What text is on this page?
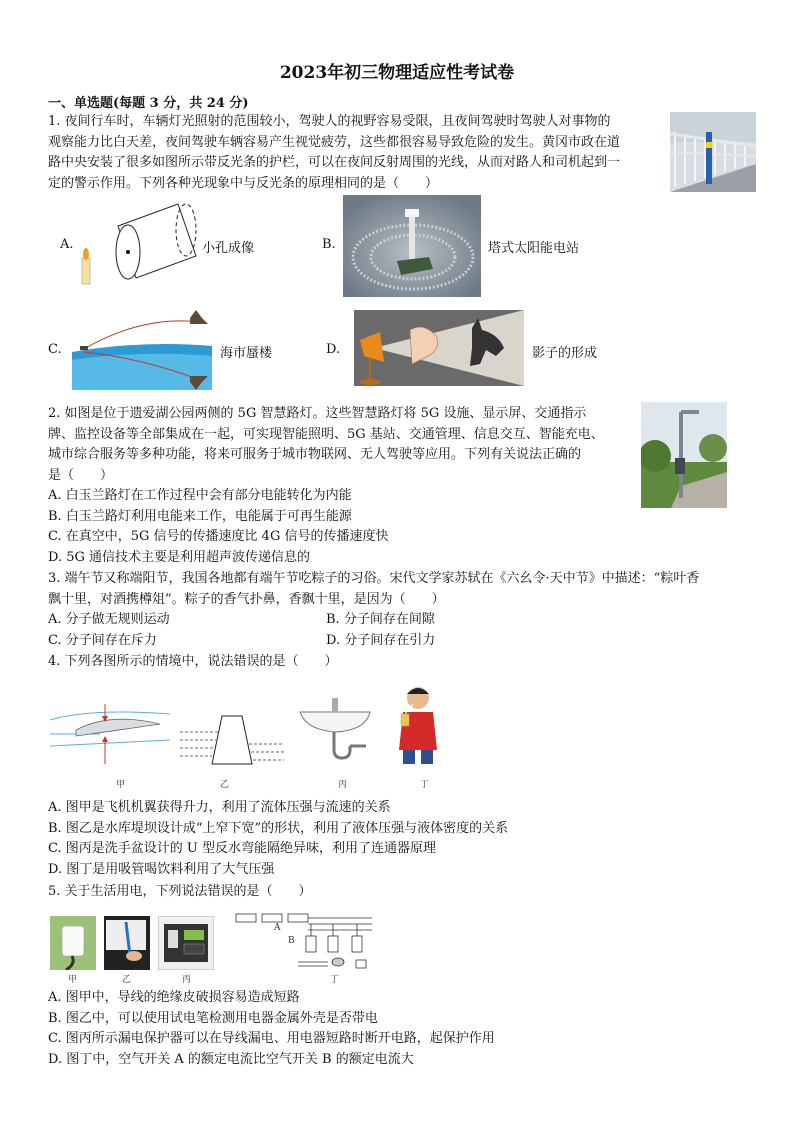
2023年初三物理适应性考试卷
一、单选题(每题 3 分，共 24 分)
1. 夜间行车时，车辆灯光照射的范围较小，驾驶人的视野容易受限，且夜间驾驶时驾驶人对事物的
观察能力比白天差，夜间驾驶车辆容易产生视觉疲劳，这些都很容易导致危险的发生。黄冈市政在道
路中央安装了很多如图所示带反光条的护栏，可以在夜间反射周围的光线，从而对路人和司机起到一
定的警示作用。下列各种光现象中与反光条的原理相同的是（　　）
A.	小孔成像	B.	塔式太阳能电站
C.	海市蜃楼	D.	影子的形成
2. 如图是位于遗爱湖公园两侧的 5G 智慧路灯。这些智慧路灯将 5G 设施、显示屏、交通指示
牌、监控设备等全部集成在一起，可实现智能照明、5G 基站、交通管理、信息交互、智能充电、
城市综合服务等多种功能，将来可服务于城市物联网、无人驾驶等应用。下列有关说法正确的
是（　　）
A. 白玉兰路灯在工作过程中会有部分电能转化为内能
B. 白玉兰路灯利用电能来工作，电能属于可再生能源
C. 在真空中，5G 信号的传播速度比 4G 信号的传播速度快
D. 5G 通信技术主要是利用超声波传递信息的
3. 端午节又称端阳节，我国各地都有端午节吃粽子的习俗。宋代文学家苏轼在《六幺令·天中节》中描述：“粽叶香
飘十里，对酒携樽俎”。粽子的香气扑鼻，香飘十里，是因为（　　）
A. 分子做无规则运动	B. 分子间存在间隙
C. 分子间存在斥力	D. 分子间存在引力
4. 下列各图所示的情境中，说法错误的是（　　）
甲	乙	丙	丁
A. 图甲是飞机机翼获得升力，利用了流体压强与流速的关系
B. 图乙是水库堤坝设计成“上窄下宽”的形状，利用了液体压强与液体密度的关系
C. 图丙是洗手盆设计的 U 型反水弯能隔绝异味，利用了连通器原理
D. 图丁是用吸管喝饮料利用了大气压强
5. 关于生活用电，下列说法错误的是（　　）
A
B
甲	乙	丙	丁
A. 图甲中，导线的绝缘皮破损容易造成短路
B. 图乙中，可以使用试电笔检测用电器金属外壳是否带电
C. 图丙所示漏电保护器可以在导线漏电、用电器短路时断开电路，起保护作用
D. 图丁中，空气开关 A 的额定电流比空气开关 B 的额定电流大
